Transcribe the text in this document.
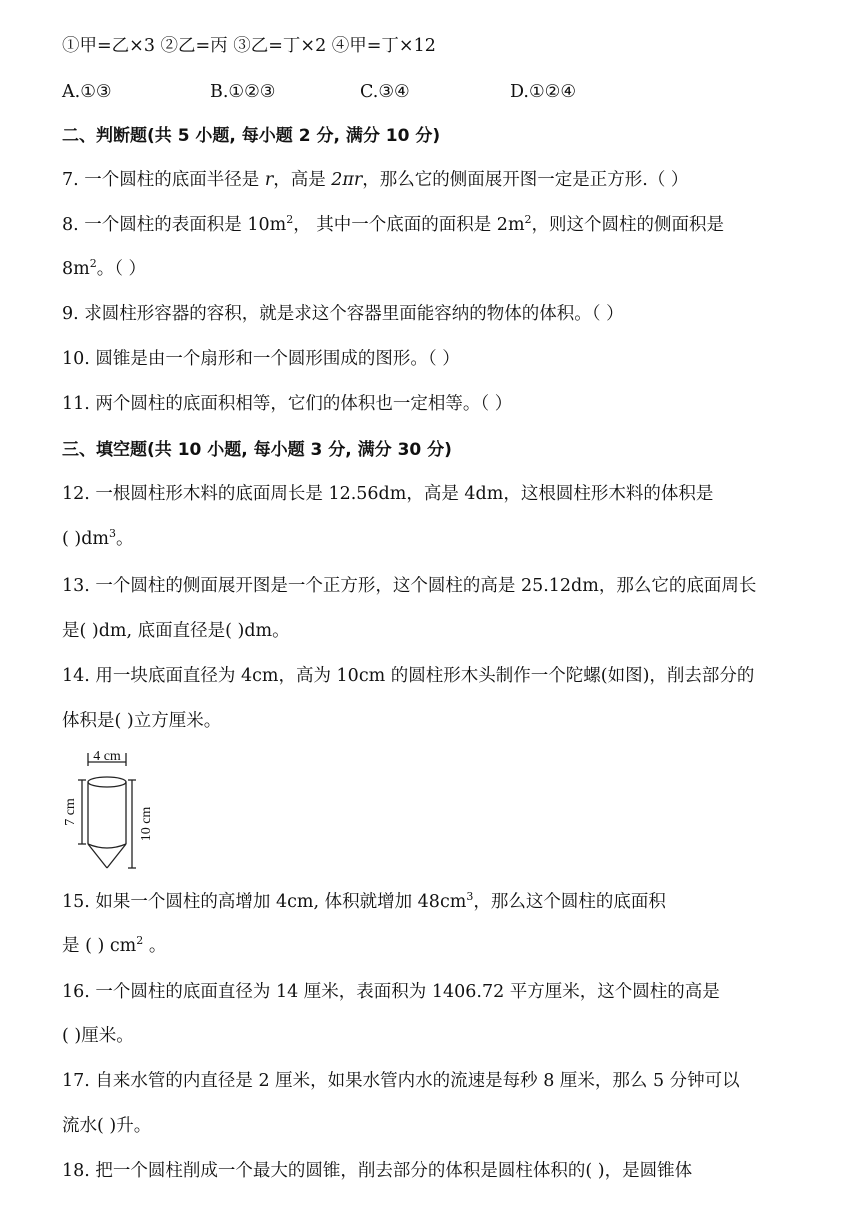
①甲=乙×3 ②乙=丙 ③乙=丁×2 ④甲=丁×12
A.①③	B.①②③	C.③④	D.①②④
二、判断题(共 5 小题, 每小题 2 分, 满分 10 分)
7. 一个圆柱的底面半径是 r，高是 2πr，那么它的侧面展开图一定是正方形.（ ）
8. 一个圆柱的表面积是 $10m^2$， 其中一个底面的面积是 $2m^2$，则这个圆柱的侧面积是
$8m^2$。（ ）
9. 求圆柱形容器的容积，就是求这个容器里面能容纳的物体的体积。（ ）
10. 圆锥是由一个扇形和一个圆形围成的图形。（ ）
11. 两个圆柱的底面积相等，它们的体积也一定相等。（ ）
三、填空题(共 10 小题, 每小题 3 分, 满分 30 分)
12. 一根圆柱形木料的底面周长是 12.56dm，高是 4dm，这根圆柱形木料的体积是
( )$dm^3$。
13. 一个圆柱的侧面展开图是一个正方形，这个圆柱的高是 25.12dm，那么它的底面周长
是( )dm, 底面直径是( )dm。
14. 用一块底面直径为 4cm，高为 10cm 的圆柱形木头制作一个陀螺(如图)，削去部分的
体积是( )立方厘米。
4 cm
7 cm	10 cm
15. 如果一个圆柱的高增加 4cm, 体积就增加 $48cm^3$，那么这个圆柱的底面积
是 ( ) $cm^2$ 。
16. 一个圆柱的底面直径为 14 厘米，表面积为 1406.72 平方厘米，这个圆柱的高是
( )厘米。
17. 自来水管的内直径是 2 厘米，如果水管内水的流速是每秒 8 厘米，那么 5 分钟可以
流水( )升。
18. 把一个圆柱削成一个最大的圆锥，削去部分的体积是圆柱体积的( )，是圆锥体
